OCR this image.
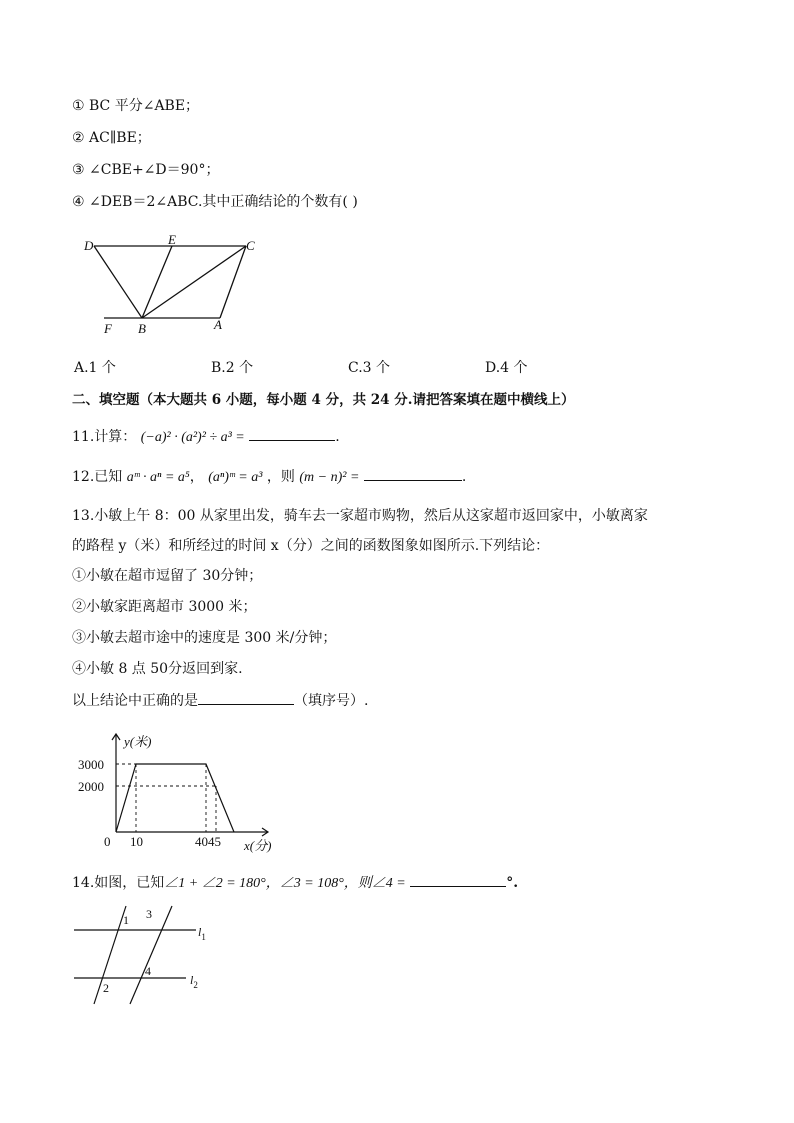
① BC 平分∠ABE；
② AC∥BE；
③ ∠CBE+∠D＝90°；
④ ∠DEB＝2∠ABC.其中正确结论的个数有( )
D	E	C
F B	A
A.1 个	B.2 个	C.3 个	D.4 个
二、填空题（本大题共 6 小题，每小题 4 分，共 24 分.请把答案填在题中横线上）
11.计算： (−a)² · (a²)² ÷ a³ =	.
12.已知 aᵐ · aⁿ = a⁵， (aⁿ)ᵐ = a³ ，则 (m − n)² =	.
13.小敏上午 8：00 从家里出发，骑车去一家超市购物，然后从这家超市返回家中，小敏离家
的路程 y（米）和所经过的时间 x（分）之间的函数图象如图所示.下列结论：
①小敏在超市逗留了 30分钟；
②小敏家距离超市 3000 米；
③小敏去超市途中的速度是 300 米/分钟；
④小敏 8 点 50分返回到家.
以上结论中正确的是	（填序号）.
y(米)
3000
2000
0 10	4045 x(分)
14.如图，已知∠1 + ∠2 = 180°，∠3 = 108°，则∠4 =	°.
1 3
4
2
$l_1$
$l_2$
